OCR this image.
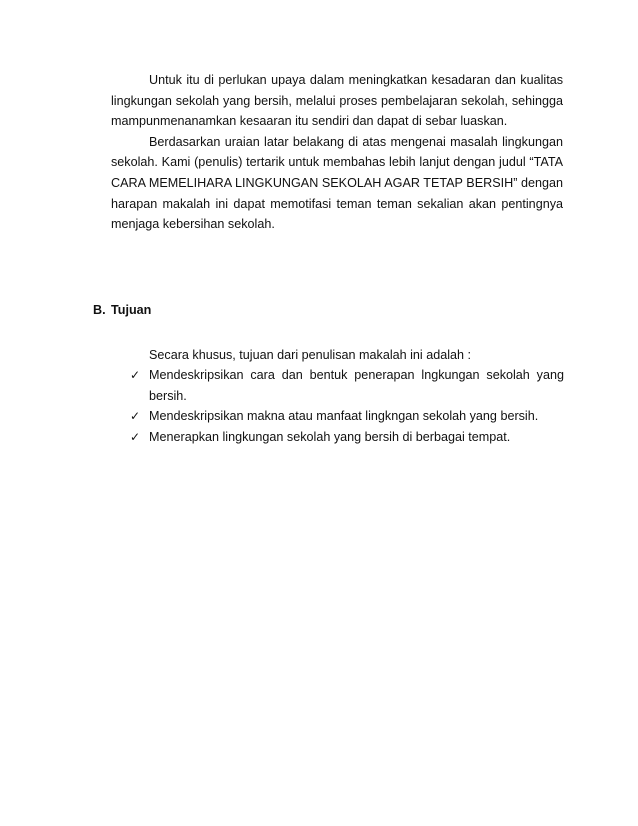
Untuk itu di perlukan upaya dalam meningkatkan kesadaran dan kualitas lingkungan sekolah yang bersih, melalui proses pembelajaran sekolah, sehingga mampunmenanamkan kesaaran itu sendiri dan dapat di sebar luaskan.

Berdasarkan uraian latar belakang di atas mengenai masalah lingkungan sekolah. Kami (penulis) tertarik untuk membahas lebih lanjut dengan judul “TATA CARA MEMELIHARA LINGKUNGAN SEKOLAH AGAR TETAP BERSIH” dengan harapan makalah ini dapat memotifasi teman teman sekalian akan pentingnya menjaga kebersihan sekolah.

B. Tujuan
Secara khusus, tujuan dari penulisan makalah ini adalah :
✓ Mendeskripsikan cara dan bentuk penerapan lngkungan sekolah yang bersih.
✓ Mendeskripsikan makna atau manfaat lingkngan sekolah yang bersih.
✓ Menerapkan lingkungan sekolah yang bersih di berbagai tempat.
